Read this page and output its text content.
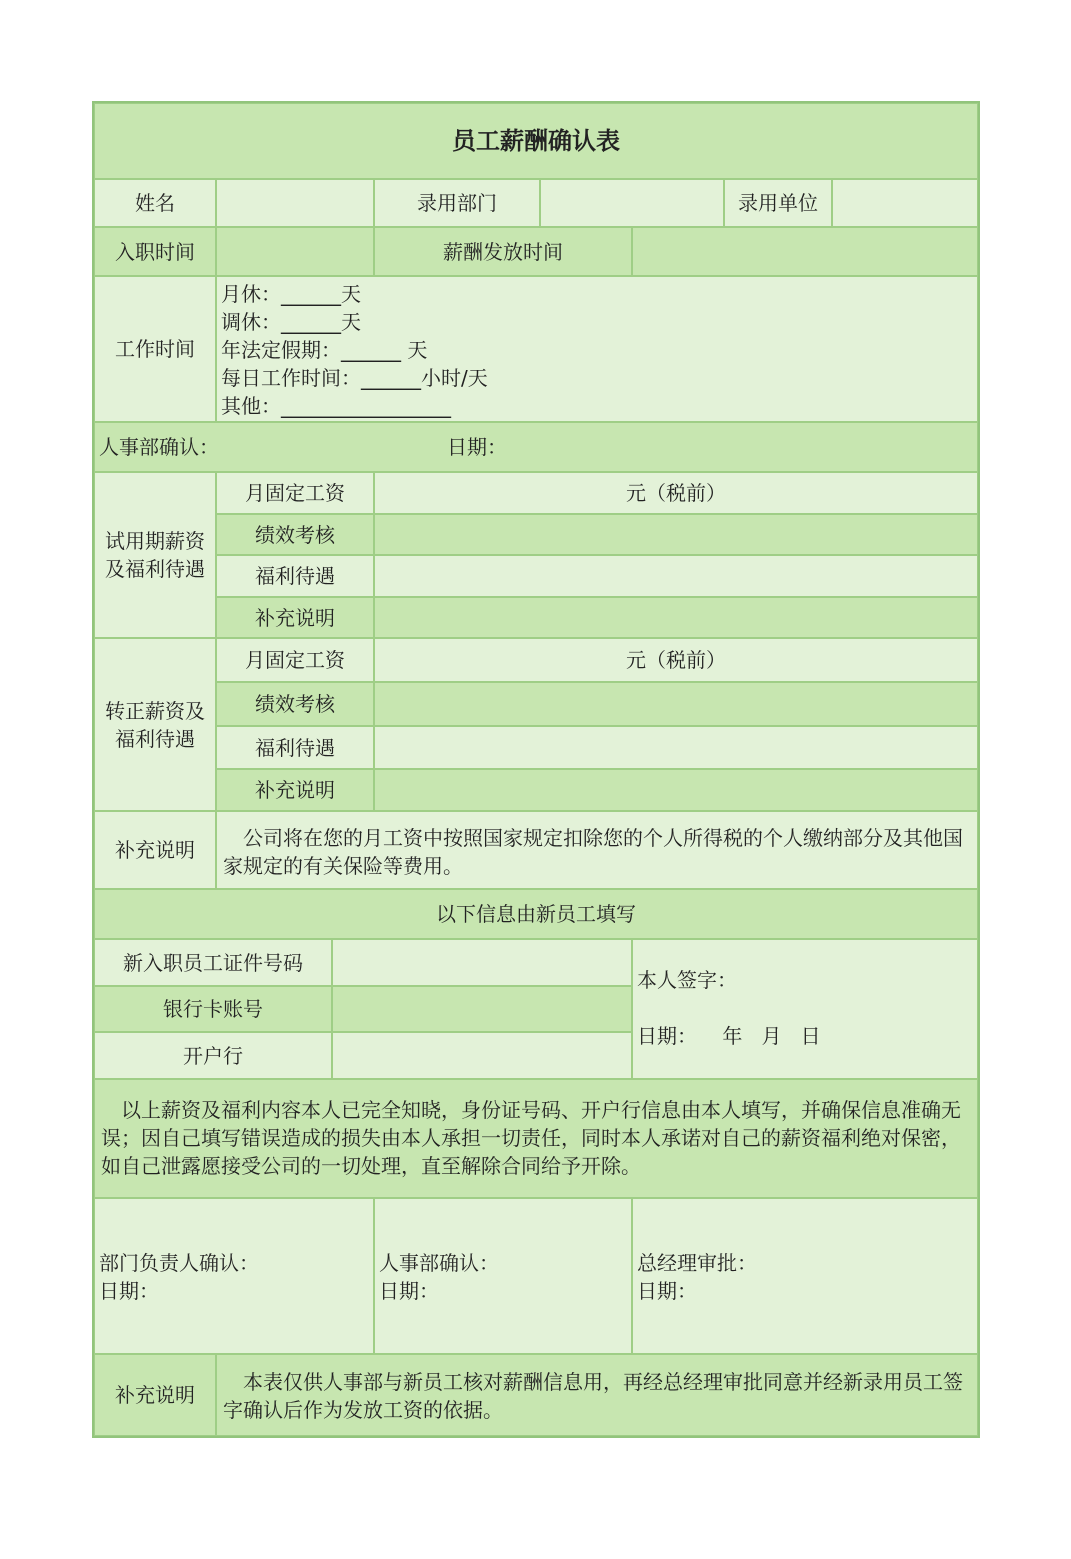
员工薪酬确认表
姓名	录用部门	录用单位
入职时间	薪酬发放时间
工作时间
月休：______天
调休：______天
年法定假期：______ 天
每日工作时间：______小时/天
其他：_________________
人事部确认：	日期：
试用期薪资及福利待遇
月固定工资	元（税前）
绩效考核
福利待遇
补充说明
转正薪资及福利待遇
月固定工资	元（税前）
绩效考核
福利待遇
补充说明
补充说明	公司将在您的月工资中按照国家规定扣除您的个人所得税的个人缴纳部分及其他国家规定的有关保险等费用。
以下信息由新员工填写
新入职员工证件号码
银行卡账号
开户行
本人签字：
日期：    年   月   日
以上薪资及福利内容本人已完全知晓，身份证号码、开户行信息由本人填写，并确保信息准确无误；因自己填写错误造成的损失由本人承担一切责任，同时本人承诺对自己的薪资福利绝对保密，如自己泄露愿接受公司的一切处理，直至解除合同给予开除。
部门负责人确认：
日期：
人事部确认：
日期：
总经理审批：
日期：
补充说明
本表仅供人事部与新员工核对薪酬信息用，再经总经理审批同意并经新录用员工签字确认后作为发放工资的依据。
